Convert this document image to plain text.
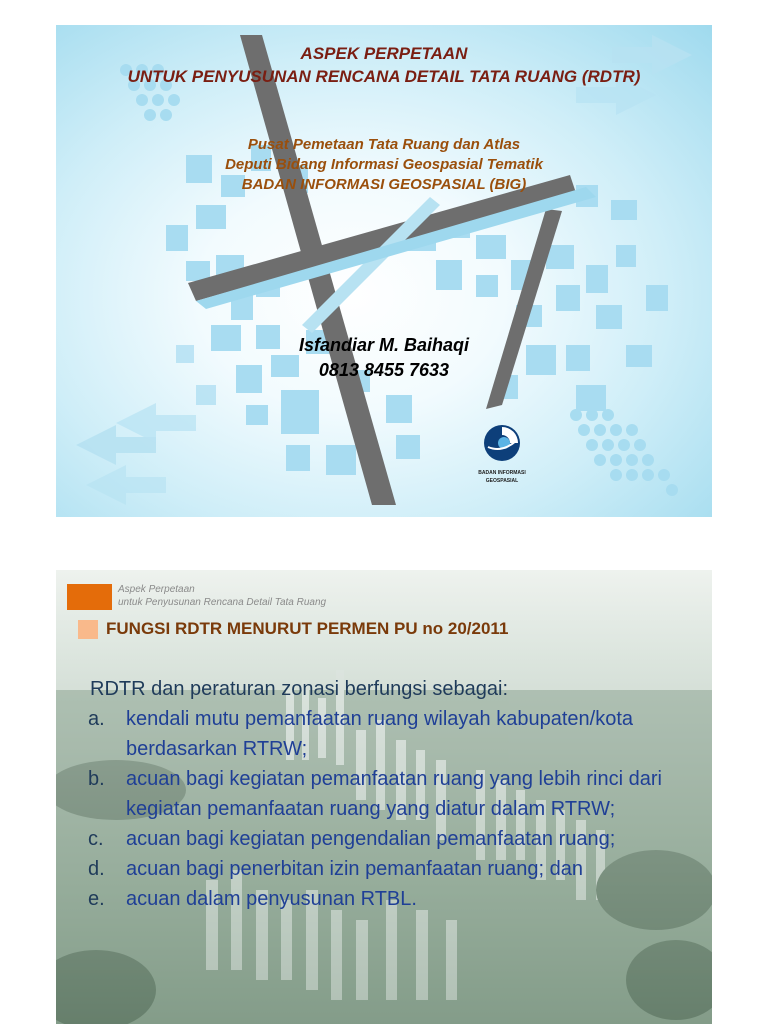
ASPEK PERPETAAN
UNTUK PENYUSUNAN RENCANA DETAIL TATA RUANG (RDTR)
Pusat Pemetaan Tata Ruang dan Atlas
Deputi Bidang Informasi Geospasial Tematik
BADAN INFORMASI GEOSPASIAL (BIG)
Isfandiar M. Baihaqi
0813 8455 7633
BADAN INFORMASI
GEOSPASIAL
Aspek Perpetaan
untuk Penyusunan Rencana Detail Tata Ruang
FUNGSI RDTR MENURUT PERMEN PU no 20/2011
RDTR dan peraturan zonasi berfungsi sebagai:
a. kendali mutu pemanfaatan ruang wilayah kabupaten/kota berdasarkan RTRW;
b. acuan bagi kegiatan pemanfaatan ruang yang lebih rinci dari kegiatan pemanfaatan ruang yang diatur dalam RTRW;
c. acuan bagi kegiatan pengendalian pemanfaatan ruang;
d. acuan bagi penerbitan izin pemanfaatan ruang; dan
e. acuan dalam penyusunan RTBL.
